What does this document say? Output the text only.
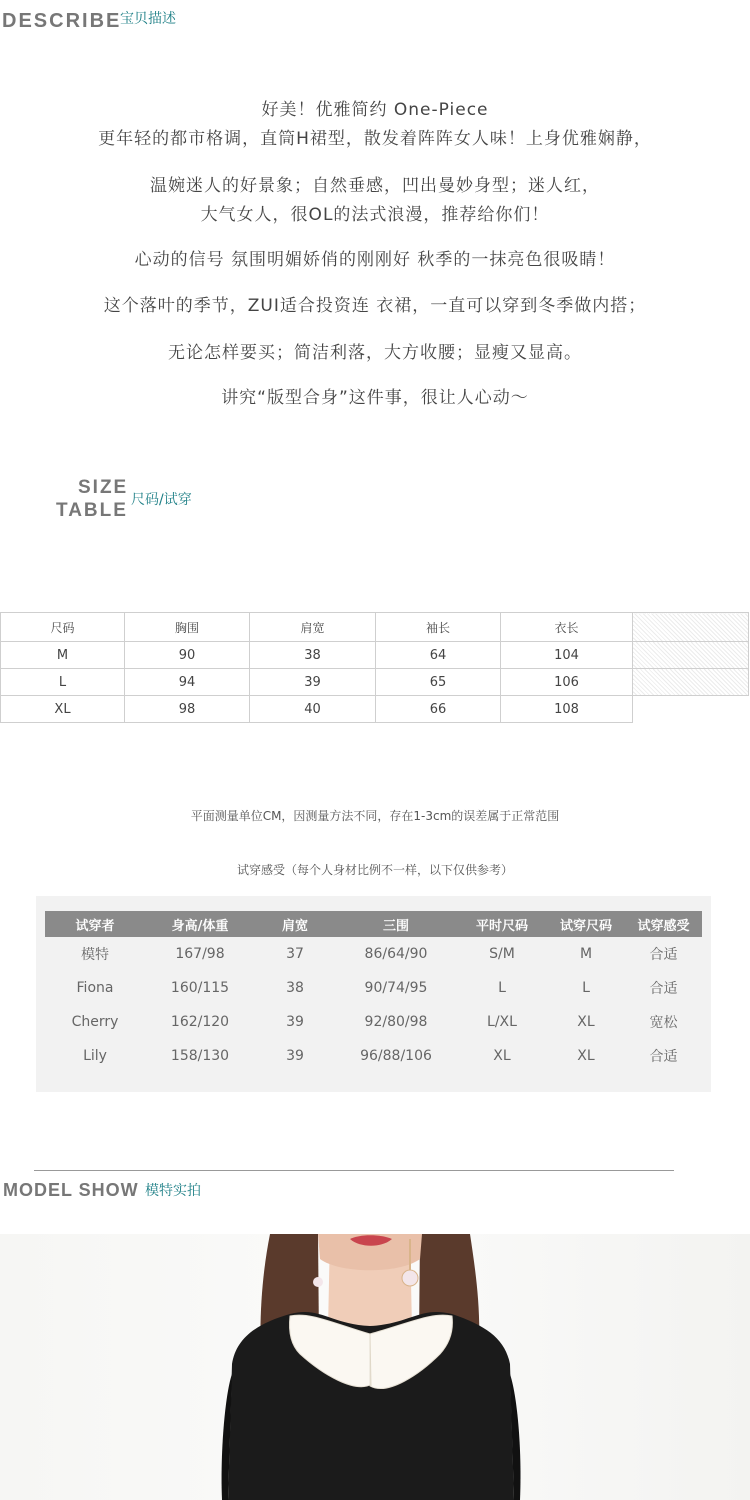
DESCRIBE
宝贝描述
好美！优雅简约 One-Piece
更年轻的都市格调，直筒H裙型，散发着阵阵女人味！上身优雅娴静，
温婉迷人的好景象；自然垂感，凹出曼妙身型；迷人红，
大气女人，很OL的法式浪漫，推荐给你们！
心动的信号 氛围明媚娇俏的刚刚好 秋季的一抹亮色很吸睛！
这个落叶的季节，ZUI适合投资连 衣裙，一直可以穿到冬季做内搭；
无论怎样要买；简洁利落，大方收腰；显瘦又显高。
讲究“版型合身”这件事，很让人心动～
SIZE
TABLE 尺码/试穿
尺码	胸围	肩宽	袖长	衣长	
M	90	38	64	104	
L	94	39	65	106	
XL	98	40	66	108	
平面测量单位CM，因测量方法不同，存在1-3cm的误差属于正常范围
试穿感受（每个人身材比例不一样，以下仅供参考）
试穿者	身高/体重	肩宽	三围	平时尺码	试穿尺码	试穿感受
模特	167/98	37	86/64/90	S/M	M	合适
Fiona	160/115	38	90/74/95	L	L	合适
Cherry	162/120	39	92/80/98	L/XL	XL	宽松
Lily	158/130	39	96/88/106	XL	XL	合适
MODEL SHOW 模特实拍
